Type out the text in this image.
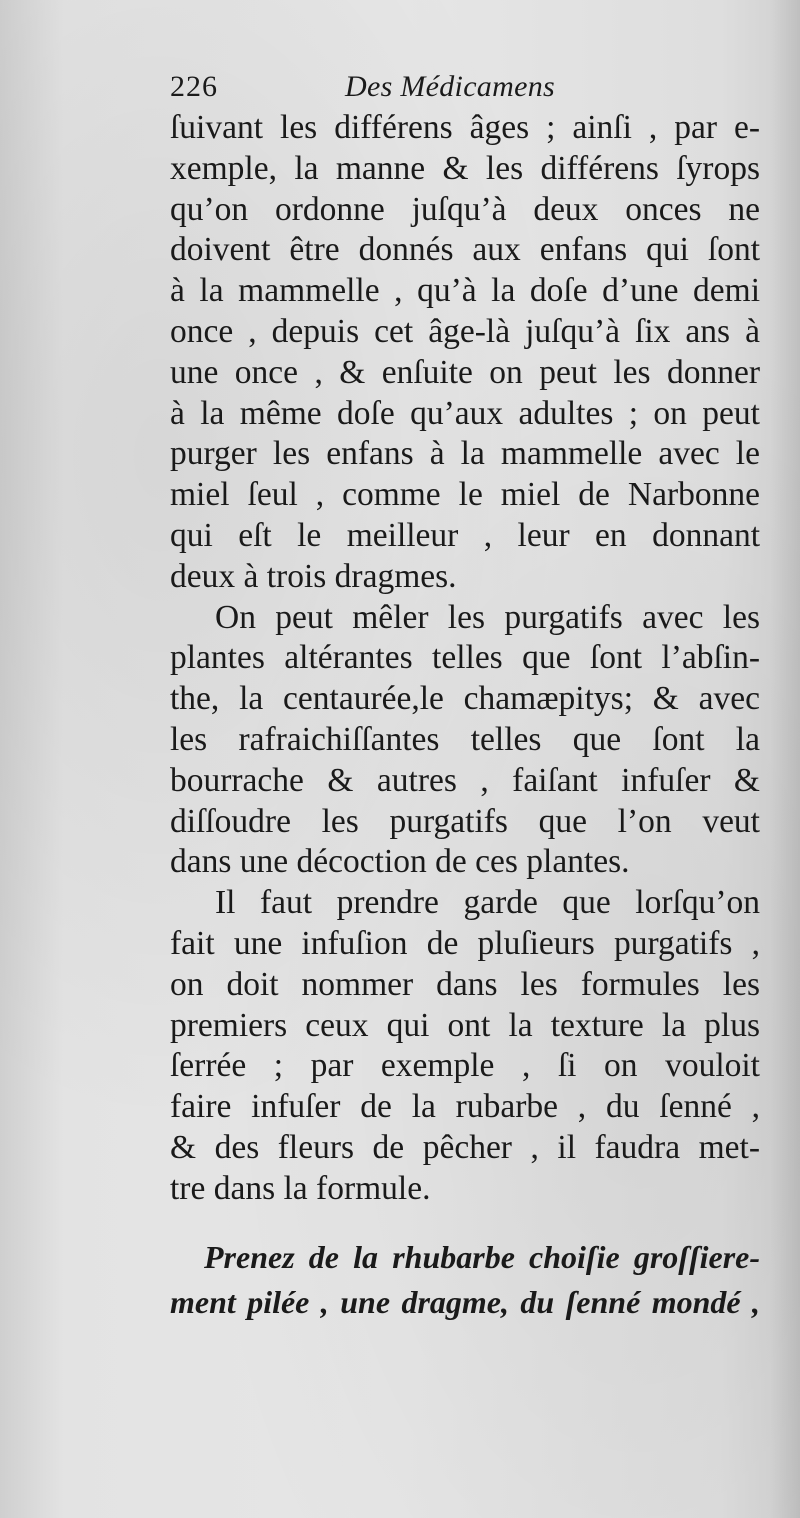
226	Des Médicamens
ſuivant les différens âges ; ainſi , par e-
xemple, la manne & les différens ſyrops
qu’on ordonne juſqu’à deux onces ne
doivent être donnés aux enfans qui ſont
à la mammelle , qu’à la doſe d’une demi
once , depuis cet âge-là juſqu’à ſix ans à
une once , & enſuite on peut les donner
à la même doſe qu’aux adultes ; on peut
purger les enfans à la mammelle avec le
miel ſeul , comme le miel de Narbonne
qui eſt le meilleur , leur en donnant
deux à trois dragmes.
On peut mêler les purgatifs avec les
plantes altérantes telles que ſont l’abſin-
the, la centaurée,le chamæpitys; & avec
les rafraichiſſantes telles que ſont la
bourrache & autres , faiſant infuſer &
diſſoudre les purgatifs que l’on veut
dans une décoction de ces plantes.
Il faut prendre garde que lorſqu’on
fait une infuſion de pluſieurs purgatifs ,
on doit nommer dans les formules les
premiers ceux qui ont la texture la plus
ſerrée ; par exemple , ſi on vouloit
faire infuſer de la rubarbe , du ſenné ,
& des fleurs de pêcher , il faudra met-
tre dans la formule.
Prenez de la rhubarbe choiſie groſſiere-
ment pilée , une dragme, du ſenné mondé ,
